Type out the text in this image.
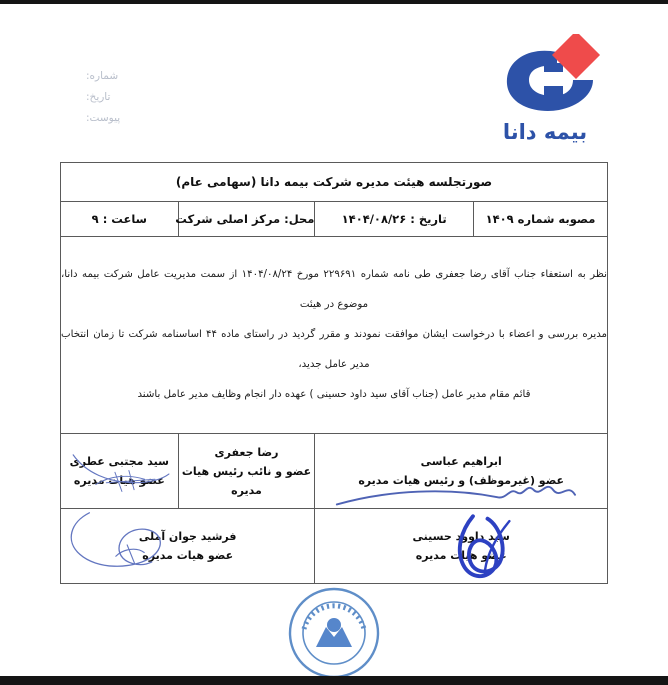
شماره:
تاریخ:
پیوست:
بیمه دانا
صورتجلسه هیئت مدیره شرکت بیمه دانا (سهامی عام)			
مصوبه شماره ۱۴۰۹	تاریخ : ۱۴۰۴/۰۸/۲۶	محل: مرکز اصلی شرکت	ساعت : ۹

نظر به استعفاء جناب آقای رضا جعفری طی نامه شماره ۲۲۹۶۹۱ مورخ ۱۴۰۴/۰۸/۲۴ از سمت مدیریت عامل شرکت بیمه دانا، موضوع در هیئت

مدیره بررسی و اعضاء با درخواست ایشان موافقت نمودند و مقرر گردید در راستای ماده ۴۴ اساسنامه شرکت تا زمان انتخاب مدیر عامل جدید،

قائم مقام مدیر عامل (جناب آقای سید داود حسینی ) عهده دار انجام وظایف مدیر عامل باشند			

ابراهیم عباسی
عضو (غیرموظف) و رئیس هیات مدیره

رضا جعفری
عضو و نائب رئیس هیات مدیره

سید مجتبی عطری
عضو هیات مدیره

سید داوود حسینی
عضو هیات مدیره

فرشید جوان آملی
عضو هیات مدیره
